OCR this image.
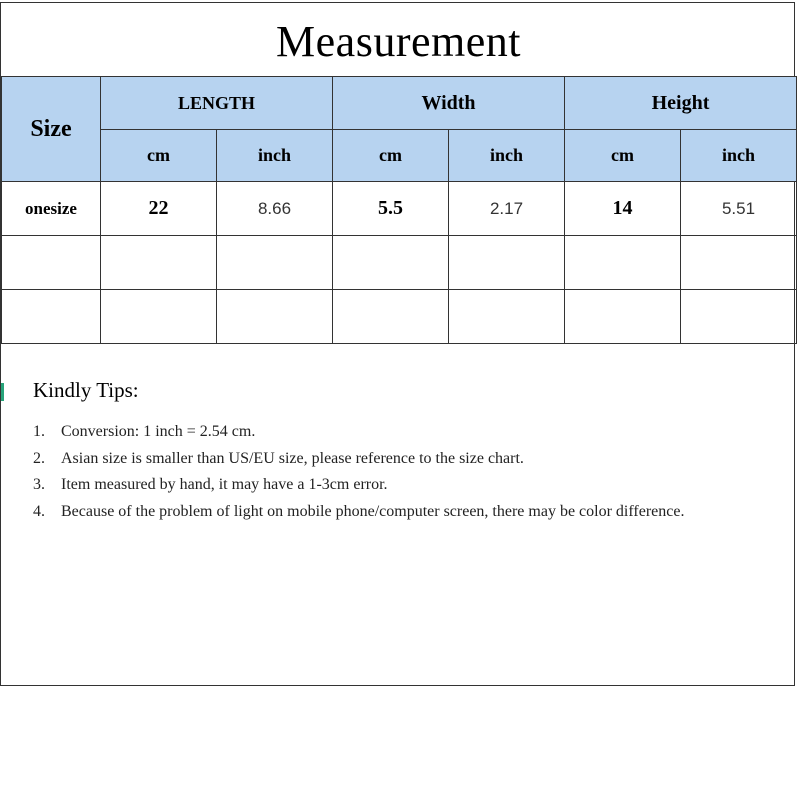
Measurement
Size	LENGTH		Width		Height	
	cm	inch	cm	inch	cm	inch
onesize	22	8.66	5.5	2.17	14	5.51

Kindly Tips:
1. Conversion: 1 inch = 2.54 cm.
2. Asian size is smaller than US/EU size, please reference to the size chart.
3. Item measured by hand, it may have a 1-3cm error.
4. Because of the problem of light on mobile phone/computer screen, there may be color difference.
